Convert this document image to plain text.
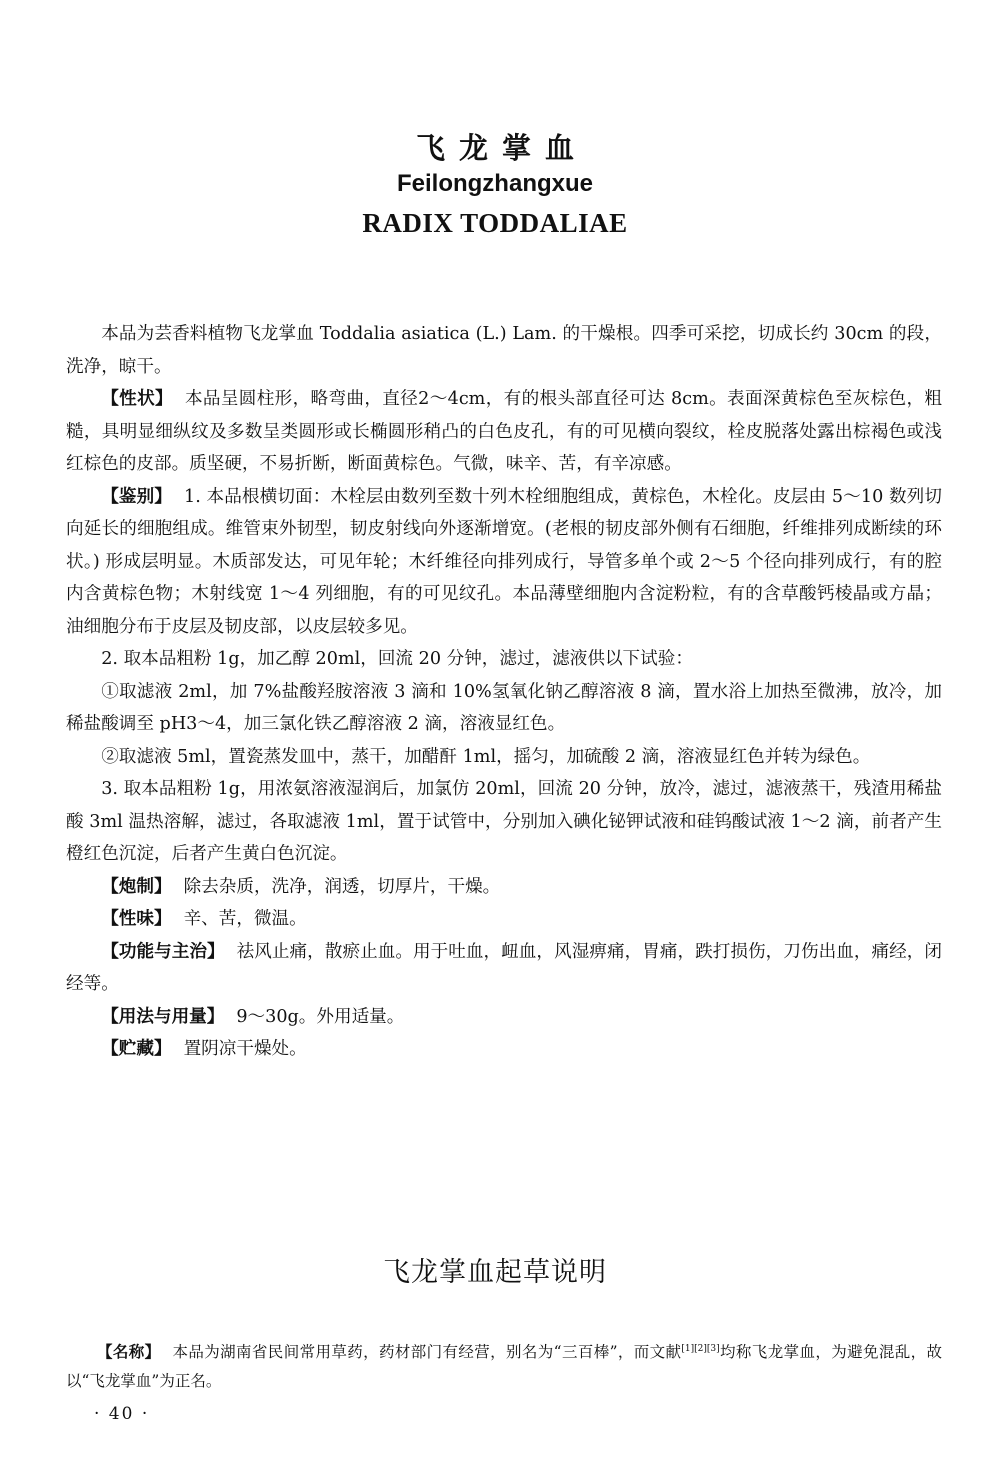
飞龙掌血
Feilongzhangxue
RADIX TODDALIAE

本品为芸香料植物飞龙掌血 Toddalia asiatica (L.) Lam. 的干燥根。四季可采挖，切成长约 30cm 的段，洗净，晾干。

【性状】 本品呈圆柱形，略弯曲，直径2～4cm，有的根头部直径可达 8cm。表面深黄棕色至灰棕色，粗糙，具明显细纵纹及多数呈类圆形或长椭圆形稍凸的白色皮孔，有的可见横向裂纹，栓皮脱落处露出棕褐色或浅红棕色的皮部。质坚硬，不易折断，断面黄棕色。气微，味辛、苦，有辛凉感。

【鉴别】 1. 本品根横切面：木栓层由数列至数十列木栓细胞组成，黄棕色，木栓化。皮层由 5～10 数列切向延长的细胞组成。维管束外韧型，韧皮射线向外逐渐增宽。(老根的韧皮部外侧有石细胞，纤维排列成断续的环状。) 形成层明显。木质部发达，可见年轮；木纤维径向排列成行，导管多单个或 2～5 个径向排列成行，有的腔内含黄棕色物；木射线宽 1～4 列细胞，有的可见纹孔。本品薄壁细胞内含淀粉粒，有的含草酸钙棱晶或方晶；油细胞分布于皮层及韧皮部，以皮层较多见。

2. 取本品粗粉 1g，加乙醇 20ml，回流 20 分钟，滤过，滤液供以下试验：

①取滤液 2ml，加 7%盐酸羟胺溶液 3 滴和 10%氢氧化钠乙醇溶液 8 滴，置水浴上加热至微沸，放冷，加稀盐酸调至 pH3～4，加三氯化铁乙醇溶液 2 滴，溶液显红色。

②取滤液 5ml，置瓷蒸发皿中，蒸干，加醋酐 1ml，摇匀，加硫酸 2 滴，溶液显红色并转为绿色。

3. 取本品粗粉 1g，用浓氨溶液湿润后，加氯仿 20ml，回流 20 分钟，放冷，滤过，滤液蒸干，残渣用稀盐酸 3ml 温热溶解，滤过，各取滤液 1ml，置于试管中，分别加入碘化铋钾试液和硅钨酸试液 1～2 滴，前者产生橙红色沉淀，后者产生黄白色沉淀。

【炮制】 除去杂质，洗净，润透，切厚片，干燥。

【性味】 辛、苦，微温。

【功能与主治】 祛风止痛，散瘀止血。用于吐血，衄血，风湿痹痛，胃痛，跌打损伤，刀伤出血，痛经，闭经等。

【用法与用量】 9～30g。外用适量。

【贮藏】 置阴凉干燥处。

飞龙掌血起草说明

【名称】 本品为湖南省民间常用草药，药材部门有经营，别名为“三百棒”，而文献[1][2][3]均称飞龙掌血，为避免混乱，故以“飞龙掌血”为正名。

· 40 ·
